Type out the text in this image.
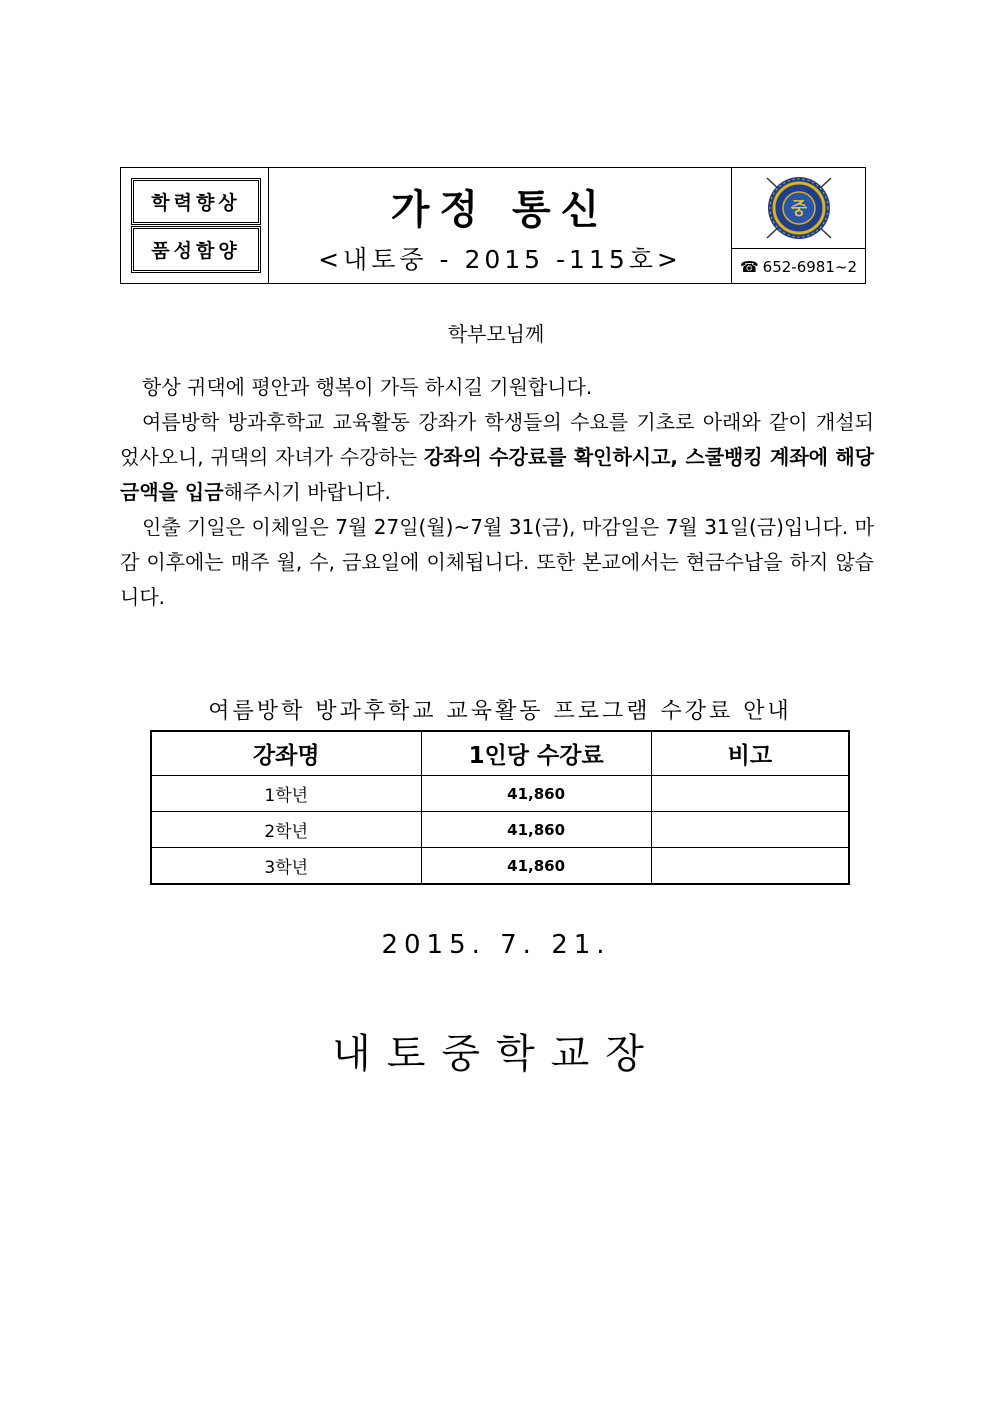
학력향상
품성함양
가정 통신
<내토중 - 2015 -115호>
중
☎ 652-6981~2
학부모님께

항상 귀댁에 평안과 행복이 가득 하시길 기원합니다.

여름방학 방과후학교 교육활동 강좌가 학생들의 수요를 기초로 아래와 같이 개설되었사오니, 귀댁의 자녀가 수강하는 강좌의 수강료를 확인하시고, 스쿨뱅킹 계좌에 해당 금액을 입금해주시기 바랍니다.

인출 기일은 이체일은 7월 27일(월)~7월 31(금), 마감일은 7월 31일(금)입니다. 마감 이후에는 매주 월, 수, 금요일에 이체됩니다. 또한 본교에서는 현금수납을 하지 않습니다.

여름방학 방과후학교 교육활동 프로그램 수강료 안내
강좌명	1인당 수강료	비고
1학년	41,860	
2학년	41,860	
3학년	41,860	
2015. 7. 21.
내토중학교장
